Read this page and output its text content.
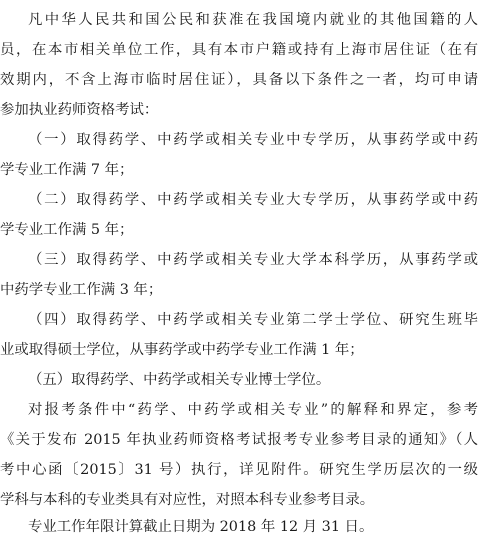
凡中华人民共和国公民和获准在我国境内就业的其他国籍的人
员，在本市相关单位工作，具有本市户籍或持有上海市居住证（在有
效期内，不含上海市临时居住证），具备以下条件之一者，均可申请
参加执业药师资格考试：
（一）取得药学、中药学或相关专业中专学历，从事药学或中药
学专业工作满 7 年；
（二）取得药学、中药学或相关专业大专学历，从事药学或中药
学专业工作满 5 年；
（三）取得药学、中药学或相关专业大学本科学历，从事药学或
中药学专业工作满 3 年；
（四）取得药学、中药学或相关专业第二学士学位、研究生班毕
业或取得硕士学位，从事药学或中药学专业工作满 1 年；
（五）取得药学、中药学或相关专业博士学位。
对报考条件中“药学、中药学或相关专业”的解释和界定，参考
《关于发布 2015 年执业药师资格考试报考专业参考目录的通知》（人
考中心函〔2015〕31 号）执行，详见附件。研究生学历层次的一级
学科与本科的专业类具有对应性，对照本科专业参考目录。
专业工作年限计算截止日期为 2018 年 12 月 31 日。
